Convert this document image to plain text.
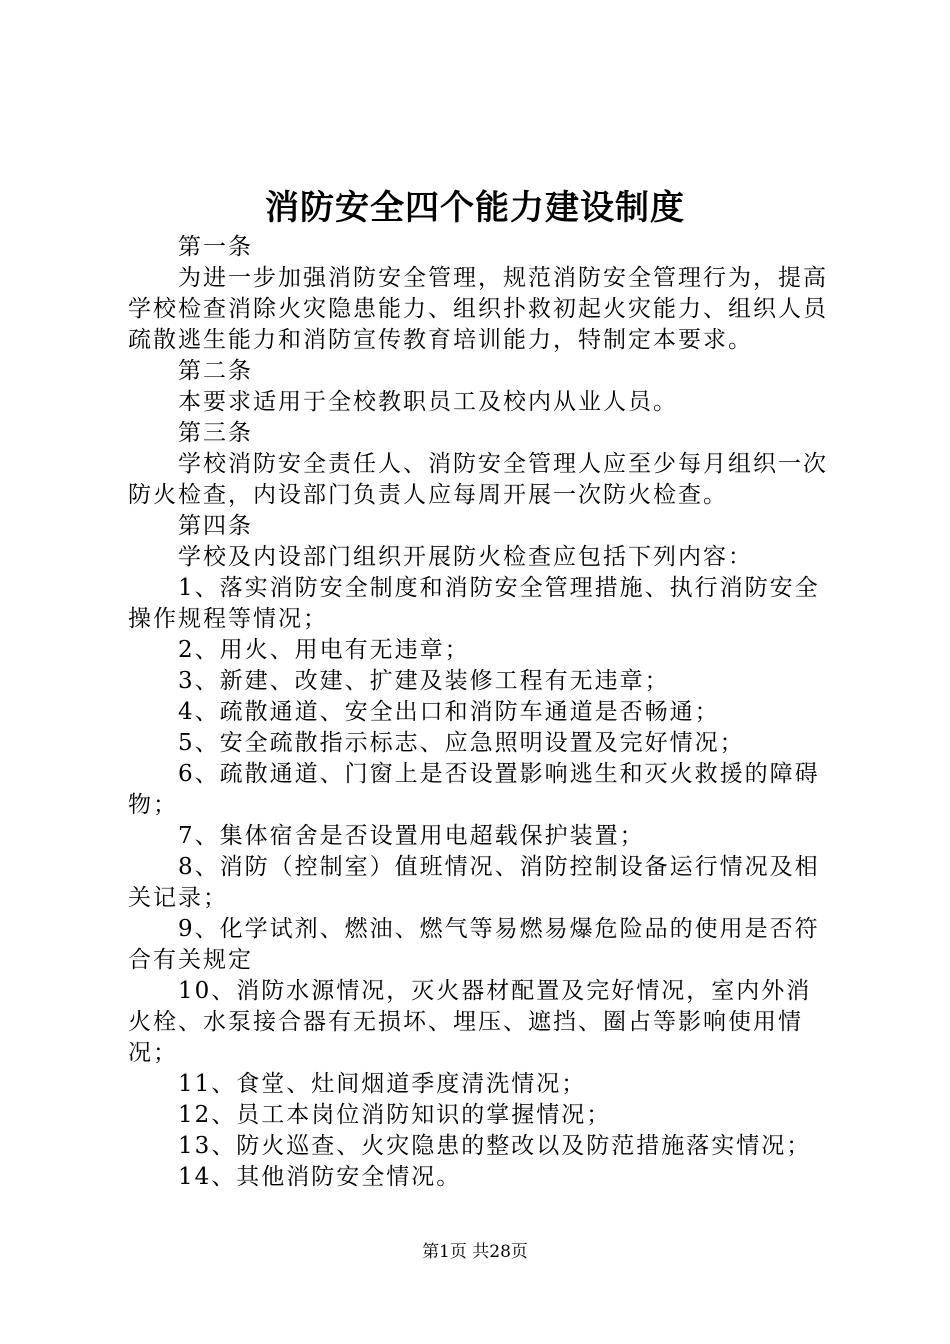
消防安全四个能力建设制度

第一条

为进一步加强消防安全管理，规范消防安全管理行为，提高学校检查消除火灾隐患能力、组织扑救初起火灾能力、组织人员疏散逃生能力和消防宣传教育培训能力，特制定本要求。

第二条

本要求适用于全校教职员工及校内从业人员。

第三条

学校消防安全责任人、消防安全管理人应至少每月组织一次防火检查，内设部门负责人应每周开展一次防火检查。

第四条

学校及内设部门组织开展防火检查应包括下列内容：

1、落实消防安全制度和消防安全管理措施、执行消防安全操作规程等情况；

2、用火、用电有无违章；

3、新建、改建、扩建及装修工程有无违章；

4、疏散通道、安全出口和消防车通道是否畅通；

5、安全疏散指示标志、应急照明设置及完好情况；

6、疏散通道、门窗上是否设置影响逃生和灭火救援的障碍物；

7、集体宿舍是否设置用电超载保护装置；

8、消防（控制室）值班情况、消防控制设备运行情况及相关记录；

9、化学试剂、燃油、燃气等易燃易爆危险品的使用是否符合有关规定

10、消防水源情况，灭火器材配置及完好情况，室内外消火栓、水泵接合器有无损坏、埋压、遮挡、圈占等影响使用情况；

11、食堂、灶间烟道季度清洗情况；

12、员工本岗位消防知识的掌握情况；

13、防火巡查、火灾隐患的整改以及防范措施落实情况；

14、其他消防安全情况。

第1页 共28页
